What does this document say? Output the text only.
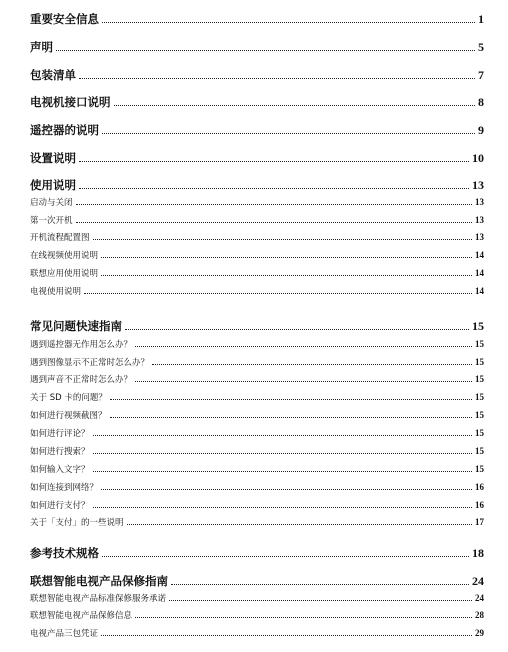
重要安全信息	1
声明	5
包装清单	7
电视机接口说明	8
遥控器的说明	9
设置说明	10
使用说明	13
启动与关闭	13
第一次开机	13
开机流程配置图	13
在线视频使用说明	14
联想应用使用说明	14
电视使用说明	14
常见问题快速指南	15
遇到遥控器无作用怎么办？	15
遇到图像显示不正常时怎么办？	15
遇到声音不正常时怎么办？	15
关于 SD 卡的问题？	15
如何进行视频截图？	15
如何进行评论？	15
如何进行搜索？	15
如何输入文字？	15
如何连接到网络？	16
如何进行支付？	16
关于「支付」的一些说明	17
参考技术规格	18
联想智能电视产品保修指南	24
联想智能电视产品标准保修服务承诺	24
联想智能电视产品保修信息	28
电视产品三包凭证	29
